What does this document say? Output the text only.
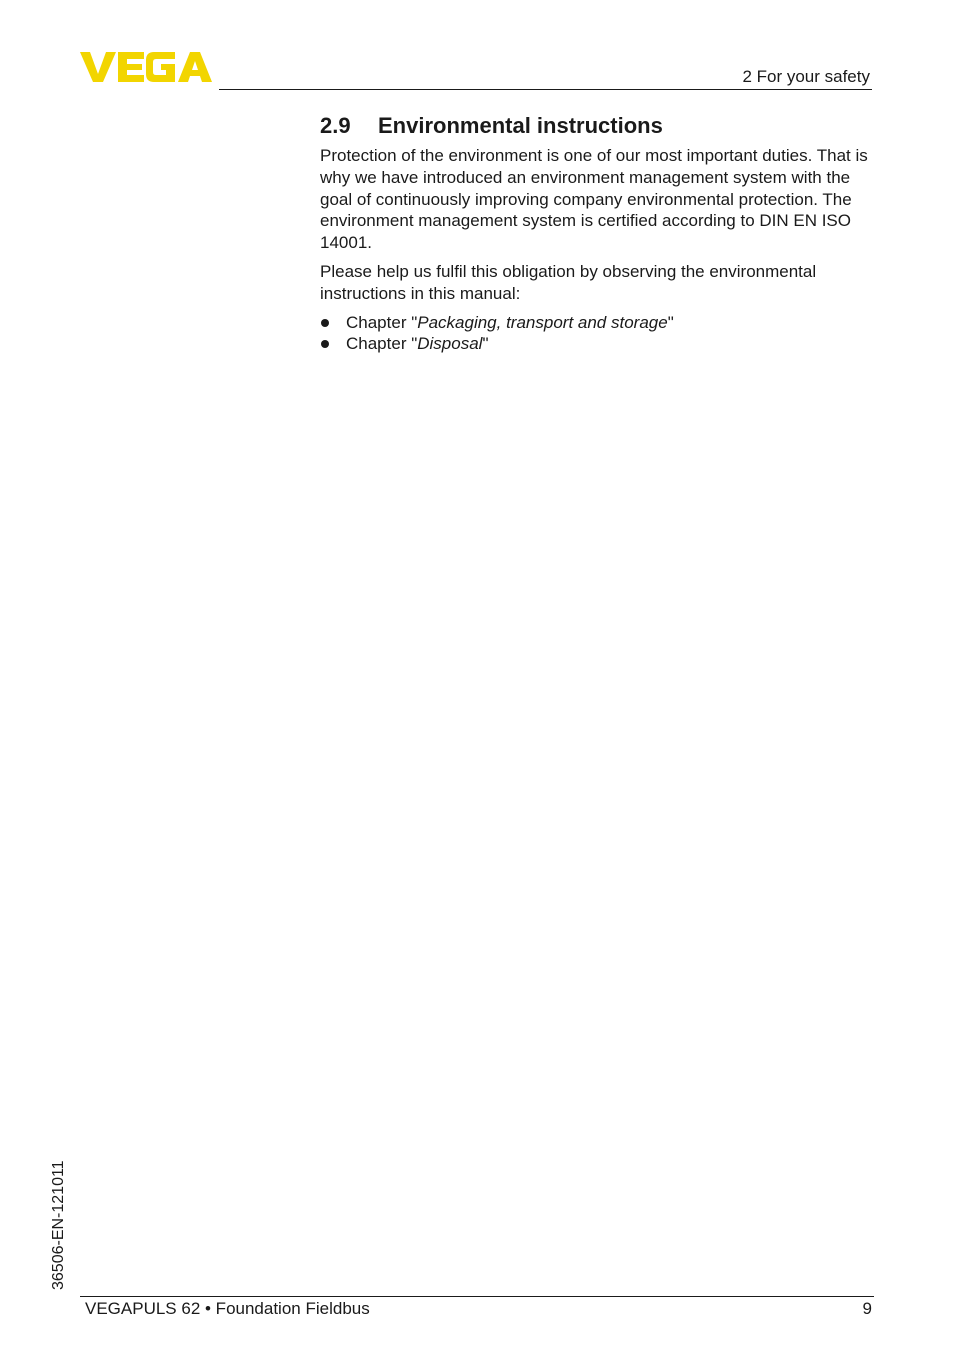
2 For your safety
2.9 Environmental instructions

Protection of the environment is one of our most important duties. That is why we have introduced an environment management system with the goal of continuously improving company environmental protection. The environment management system is certified according to DIN EN ISO 14001.

Please help us fulfil this obligation by observing the environmental instructions in this manual:

Chapter "Packaging, transport and storage"
Chapter "Disposal"
36506-EN-121011
VEGAPULS 62 • Foundation Fieldbus	9
